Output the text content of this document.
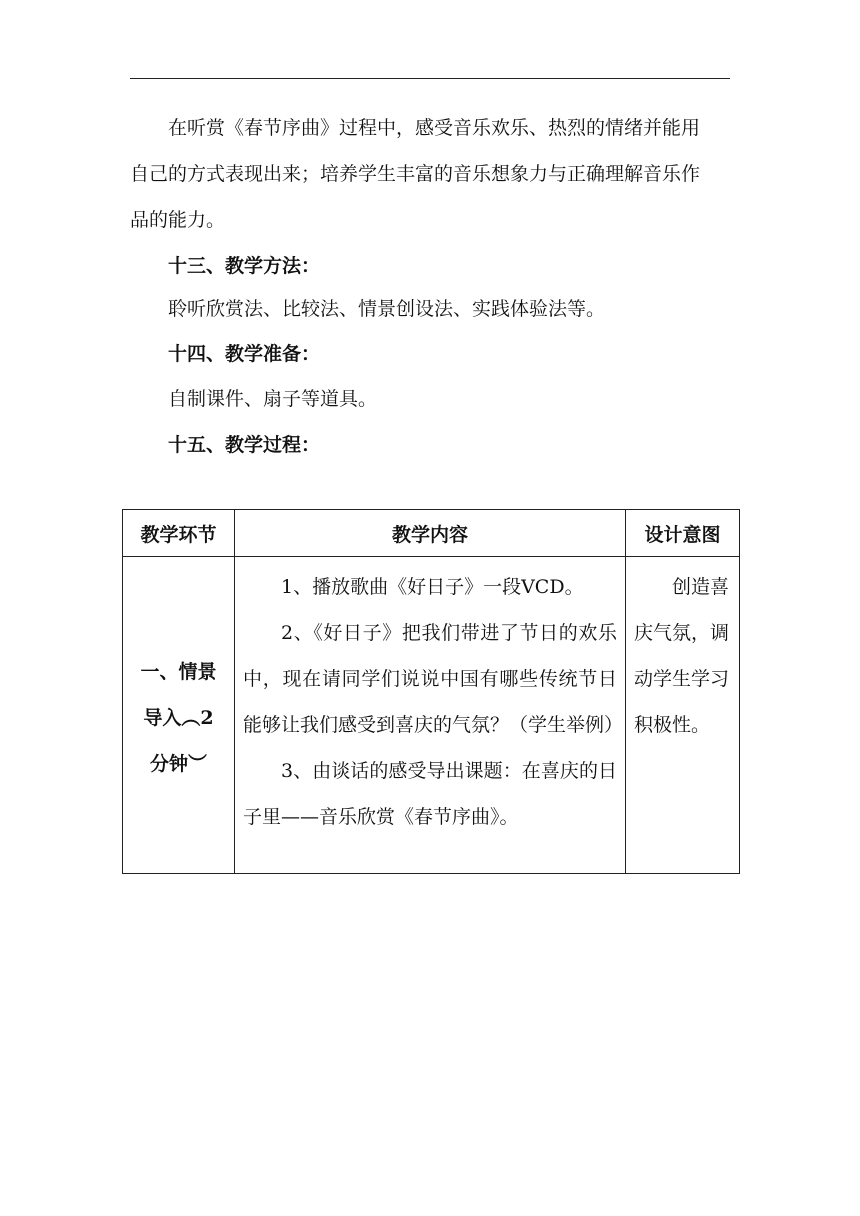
在听赏《春节序曲》过程中，感受音乐欢乐、热烈的情绪并能用
自己的方式表现出来；培养学生丰富的音乐想象力与正确理解音乐作
品的能力。
十三、教学方法：
聆听欣赏法、比较法、情景创设法、实践体验法等。
十四、教学准备：
自制课件、扇子等道具。
十五、教学过程：
教学环节	教学内容	设计意图

一、情景导入︵2分钟︶	1、播放歌曲《好日子》一段VCD。
2、《好日子》把我们带进了节日的欢乐中，现在请同学们说说中国有哪些传统节日能够让我们感受到喜庆的气氛？（学生举例）
3、由谈话的感受导出课题：在喜庆的日子里——音乐欣赏《春节序曲》。	创造喜庆气氛，调动学生学习积极性。
